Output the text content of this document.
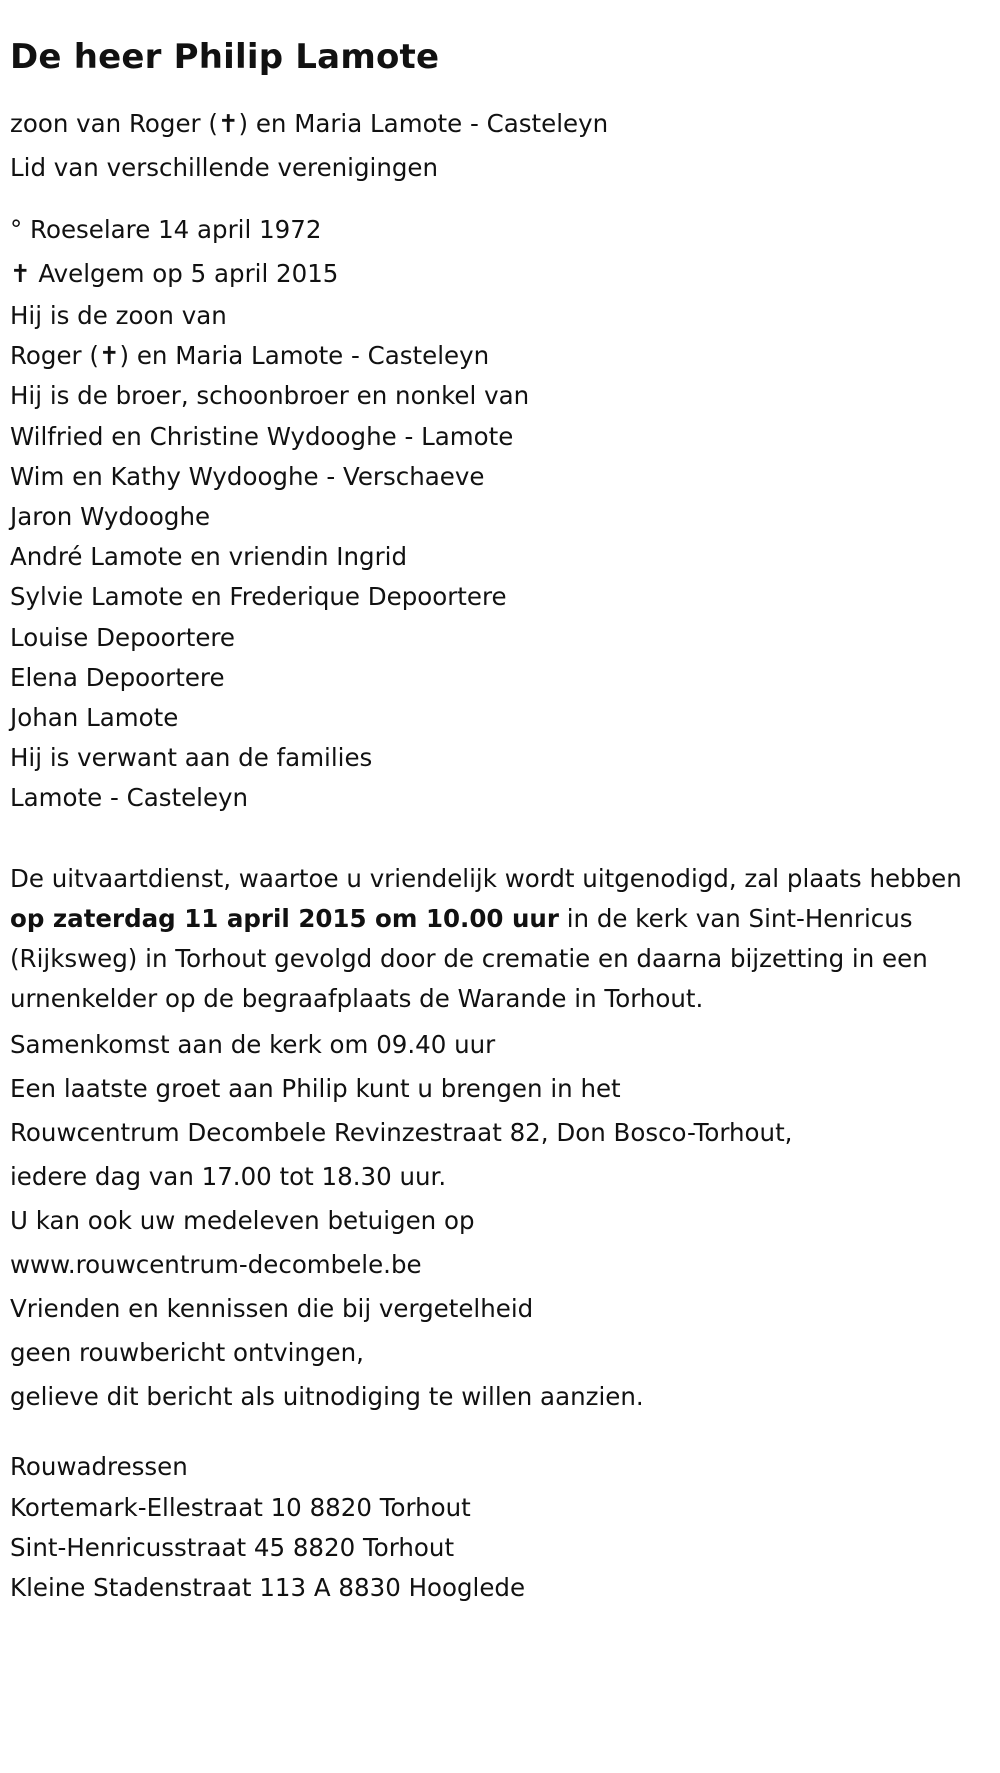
De heer Philip Lamote
zoon van Roger (✝) en Maria Lamote - Casteleyn
Lid van verschillende verenigingen
° Roeselare 14 april 1972
✝ Avelgem op 5 april 2015
Hij is de zoon van
Roger (✝) en Maria Lamote - Casteleyn
Hij is de broer, schoonbroer en nonkel van
Wilfried en Christine Wydooghe - Lamote
Wim en Kathy Wydooghe - Verschaeve
Jaron Wydooghe
André Lamote en vriendin Ingrid
Sylvie Lamote en Frederique Depoortere
Louise Depoortere
Elena Depoortere
Johan Lamote
Hij is verwant aan de families
Lamote - Casteleyn
De uitvaartdienst, waartoe u vriendelijk wordt uitgenodigd, zal plaats hebben op zaterdag 11 april 2015 om 10.00 uur in de kerk van Sint-Henricus (Rijksweg) in Torhout gevolgd door de crematie en daarna bijzetting in een urnenkelder op de begraafplaats de Warande in Torhout.
Samenkomst aan de kerk om 09.40 uur
Een laatste groet aan Philip kunt u brengen in het
Rouwcentrum Decombele Revinzestraat 82, Don Bosco-Torhout,
iedere dag van 17.00 tot 18.30 uur.
U kan ook uw medeleven betuigen op
www.rouwcentrum-decombele.be
Vrienden en kennissen die bij vergetelheid
geen rouwbericht ontvingen,
gelieve dit bericht als uitnodiging te willen aanzien.
Rouwadressen
Kortemark-Ellestraat 10 8820 Torhout
Sint-Henricusstraat 45 8820 Torhout
Kleine Stadenstraat 113 A 8830 Hooglede
